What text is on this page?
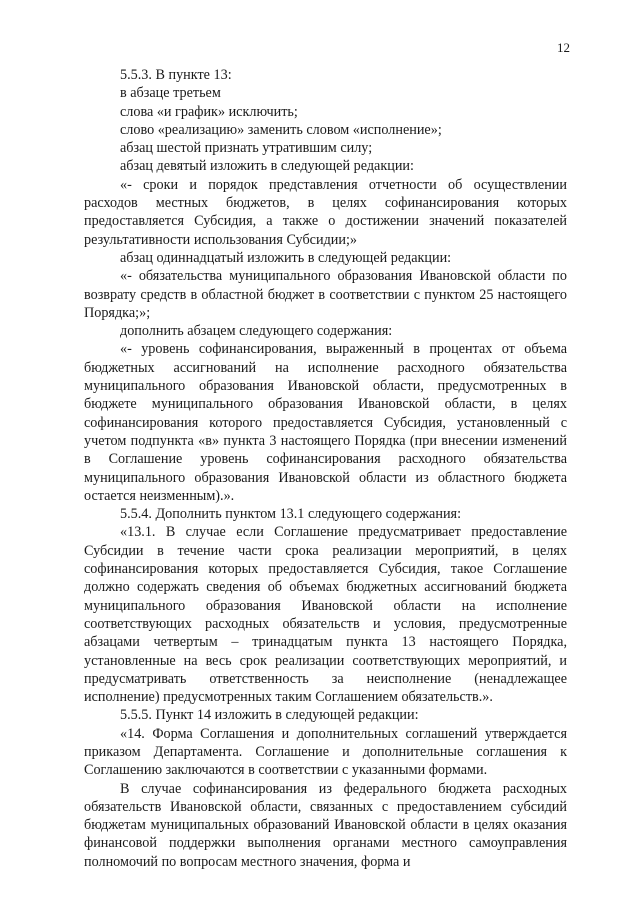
12

5.5.3. В пункте 13:

в абзаце третьем

слова «и график» исключить;

слово «реализацию» заменить словом «исполнение»;

абзац шестой признать утратившим силу;

абзац девятый изложить в следующей редакции:

«- сроки и порядок представления отчетности об осуществлении расходов местных бюджетов, в целях софинансирования которых предоставляется Субсидия, а также о достижении значений показателей результативности использования Субсидии;»

абзац одиннадцатый изложить в следующей редакции:

«- обязательства муниципального образования Ивановской области по возврату средств в областной бюджет в соответствии с пунктом 25 настоящего Порядка;»;

дополнить абзацем следующего содержания:

«- уровень софинансирования, выраженный в процентах от объема бюджетных ассигнований на исполнение расходного обязательства муниципального образования Ивановской области, предусмотренных в бюджете муниципального образования Ивановской области, в целях софинансирования которого предоставляется Субсидия, установленный с учетом подпункта «в» пункта 3 настоящего Порядка (при внесении изменений в Соглашение уровень софинансирования расходного обязательства муниципального образования Ивановской области из областного бюджета остается неизменным).».

5.5.4. Дополнить пунктом 13.1 следующего содержания:

«13.1. В случае если Соглашение предусматривает предоставление Субсидии в течение части срока реализации мероприятий, в целях софинансирования которых предоставляется Субсидия, такое Соглашение должно содержать сведения об объемах бюджетных ассигнований бюджета муниципального образования Ивановской области на исполнение соответствующих расходных обязательств и условия, предусмотренные абзацами четвертым – тринадцатым пункта 13 настоящего Порядка, установленные на весь срок реализации соответствующих мероприятий, и предусматривать ответственность за неисполнение (ненадлежащее исполнение) предусмотренных таким Соглашением обязательств.».

5.5.5. Пункт 14 изложить в следующей редакции:

«14. Форма Соглашения и дополнительных соглашений утверждается приказом Департамента. Соглашение и дополнительные соглашения к Соглашению заключаются в соответствии с указанными формами.

В случае софинансирования из федерального бюджета расходных обязательств Ивановской области, связанных с предоставлением субсидий бюджетам муниципальных образований Ивановской области в целях оказания финансовой поддержки выполнения органами местного самоуправления полномочий по вопросам местного значения, форма и
